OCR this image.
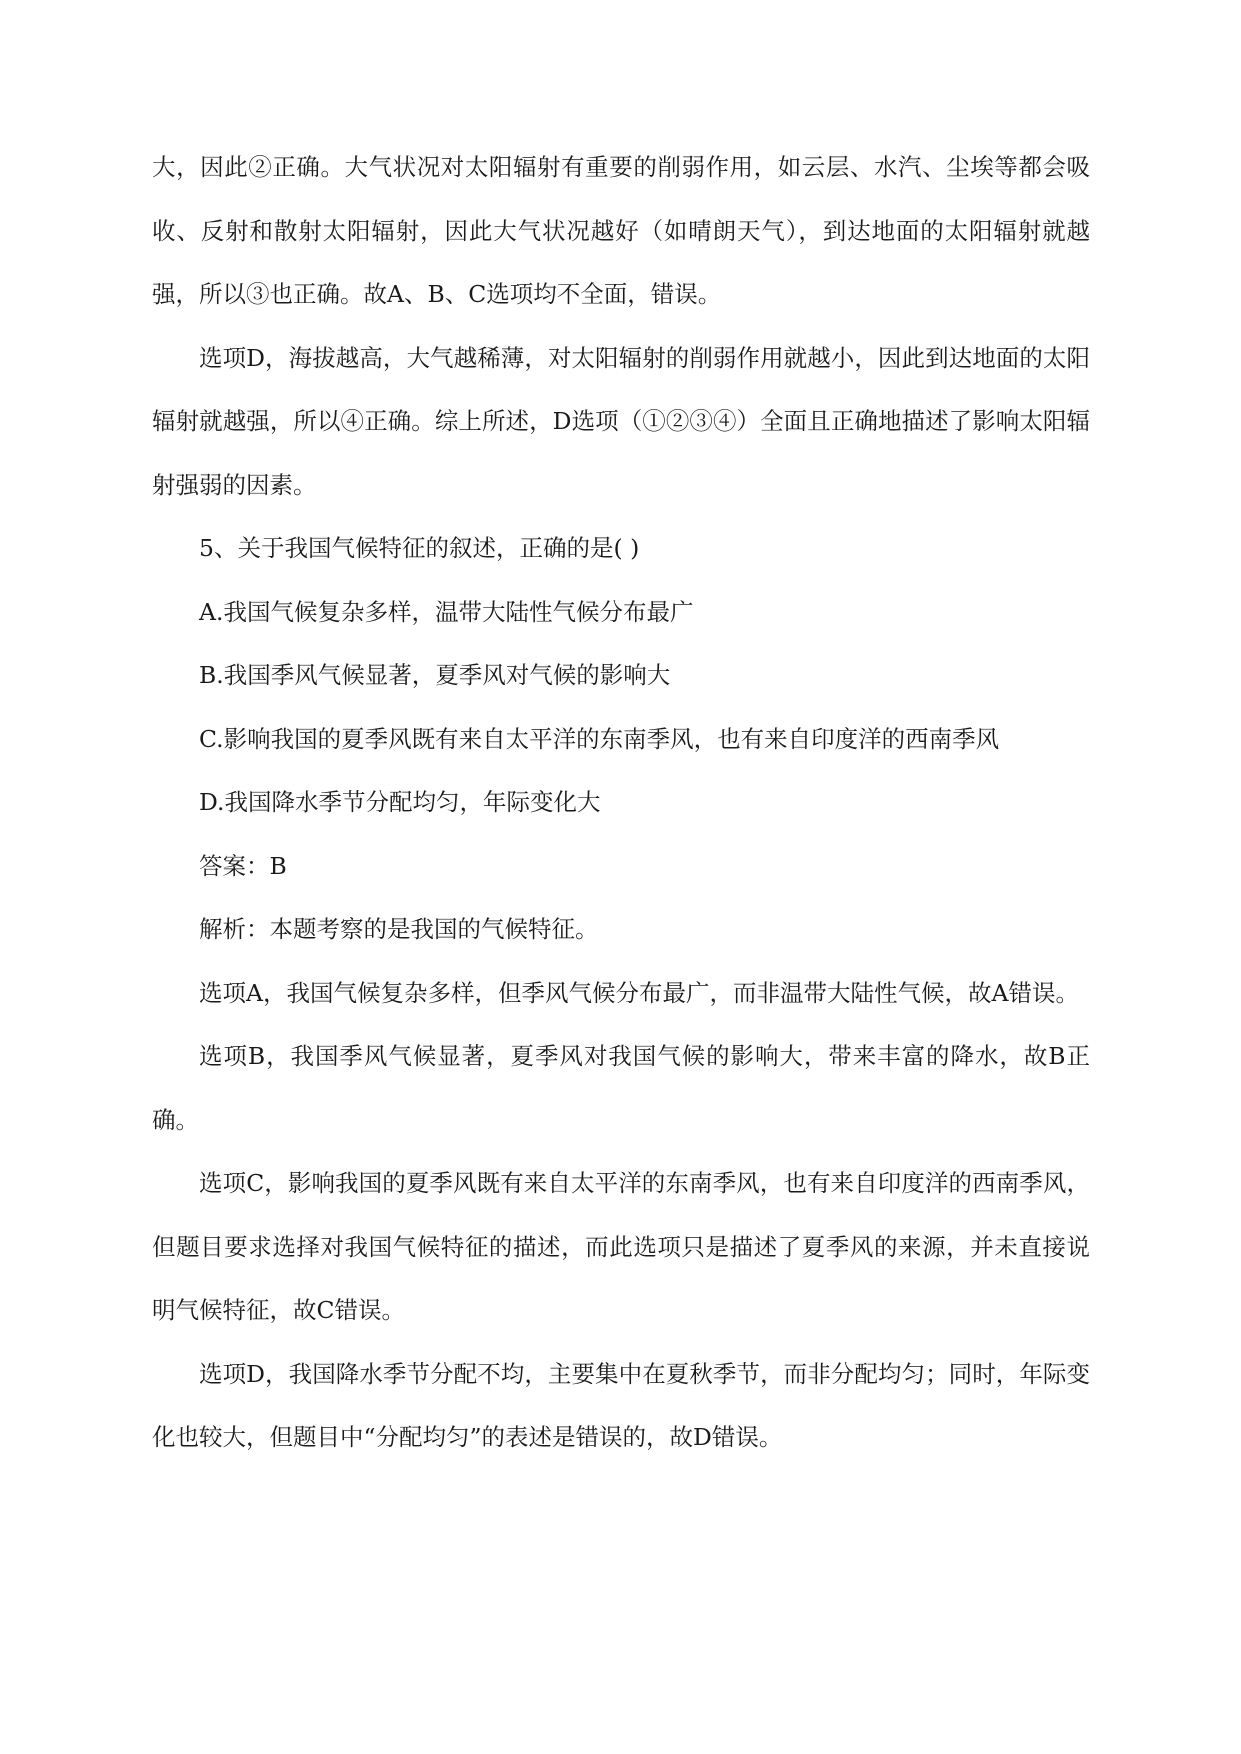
大，因此②正确。大气状况对太阳辐射有重要的削弱作用，如云层、水汽、尘埃等都会吸收、反射和散射太阳辐射，因此大气状况越好（如晴朗天气），到达地面的太阳辐射就越强，所以③也正确。故A、B、C选项均不全面，错误。

选项D，海拔越高，大气越稀薄，对太阳辐射的削弱作用就越小，因此到达地面的太阳辐射就越强，所以④正确。综上所述，D选项（①②③④）全面且正确地描述了影响太阳辐射强弱的因素。

5、关于我国气候特征的叙述，正确的是( )

A.我国气候复杂多样，温带大陆性气候分布最广

B.我国季风气候显著，夏季风对气候的影响大

C.影响我国的夏季风既有来自太平洋的东南季风，也有来自印度洋的西南季风

D.我国降水季节分配均匀，年际变化大

答案：B

解析：本题考察的是我国的气候特征。

选项A，我国气候复杂多样，但季风气候分布最广，而非温带大陆性气候，故A错误。

选项B，我国季风气候显著，夏季风对我国气候的影响大，带来丰富的降水，故B正确。

选项C，影响我国的夏季风既有来自太平洋的东南季风，也有来自印度洋的西南季风，但题目要求选择对我国气候特征的描述，而此选项只是描述了夏季风的来源，并未直接说明气候特征，故C错误。

选项D，我国降水季节分配不均，主要集中在夏秋季节，而非分配均匀；同时，年际变化也较大，但题目中“分配均匀”的表述是错误的，故D错误。
